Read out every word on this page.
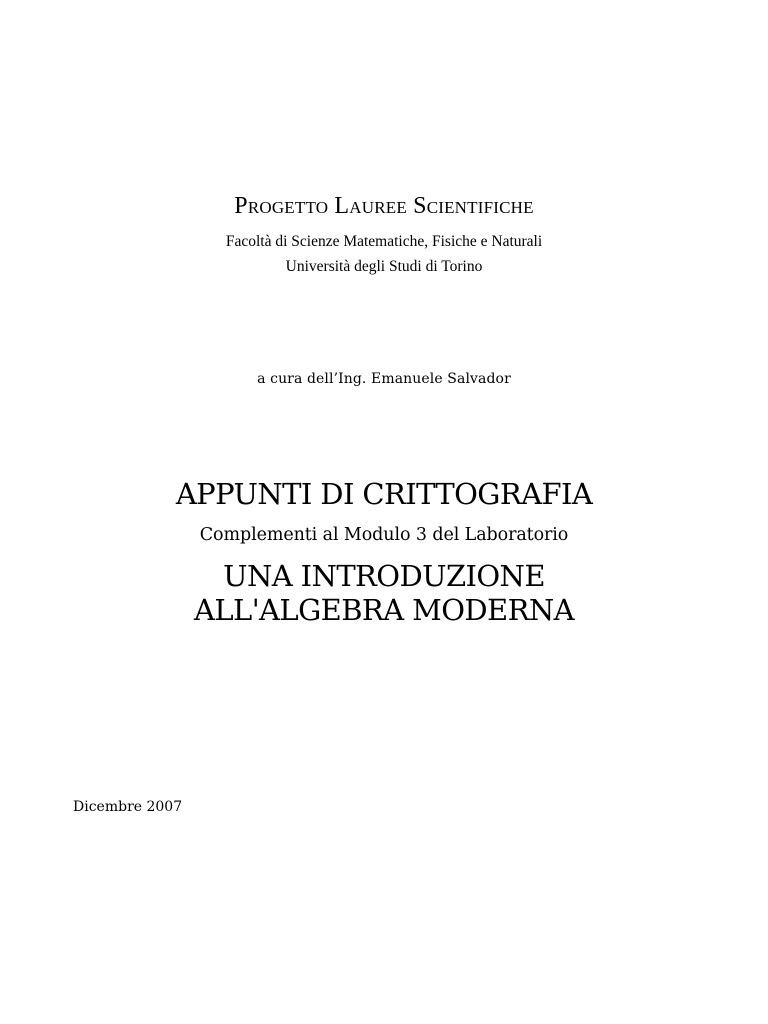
Progetto Lauree Scientifiche
Facoltà di Scienze Matematiche, Fisiche e Naturali
Università degli Studi di Torino
a cura dell’Ing. Emanuele Salvador
APPUNTI DI CRITTOGRAFIA
Complementi al Modulo 3 del Laboratorio
UNA INTRODUZIONE
ALL'ALGEBRA MODERNA
Dicembre 2007
